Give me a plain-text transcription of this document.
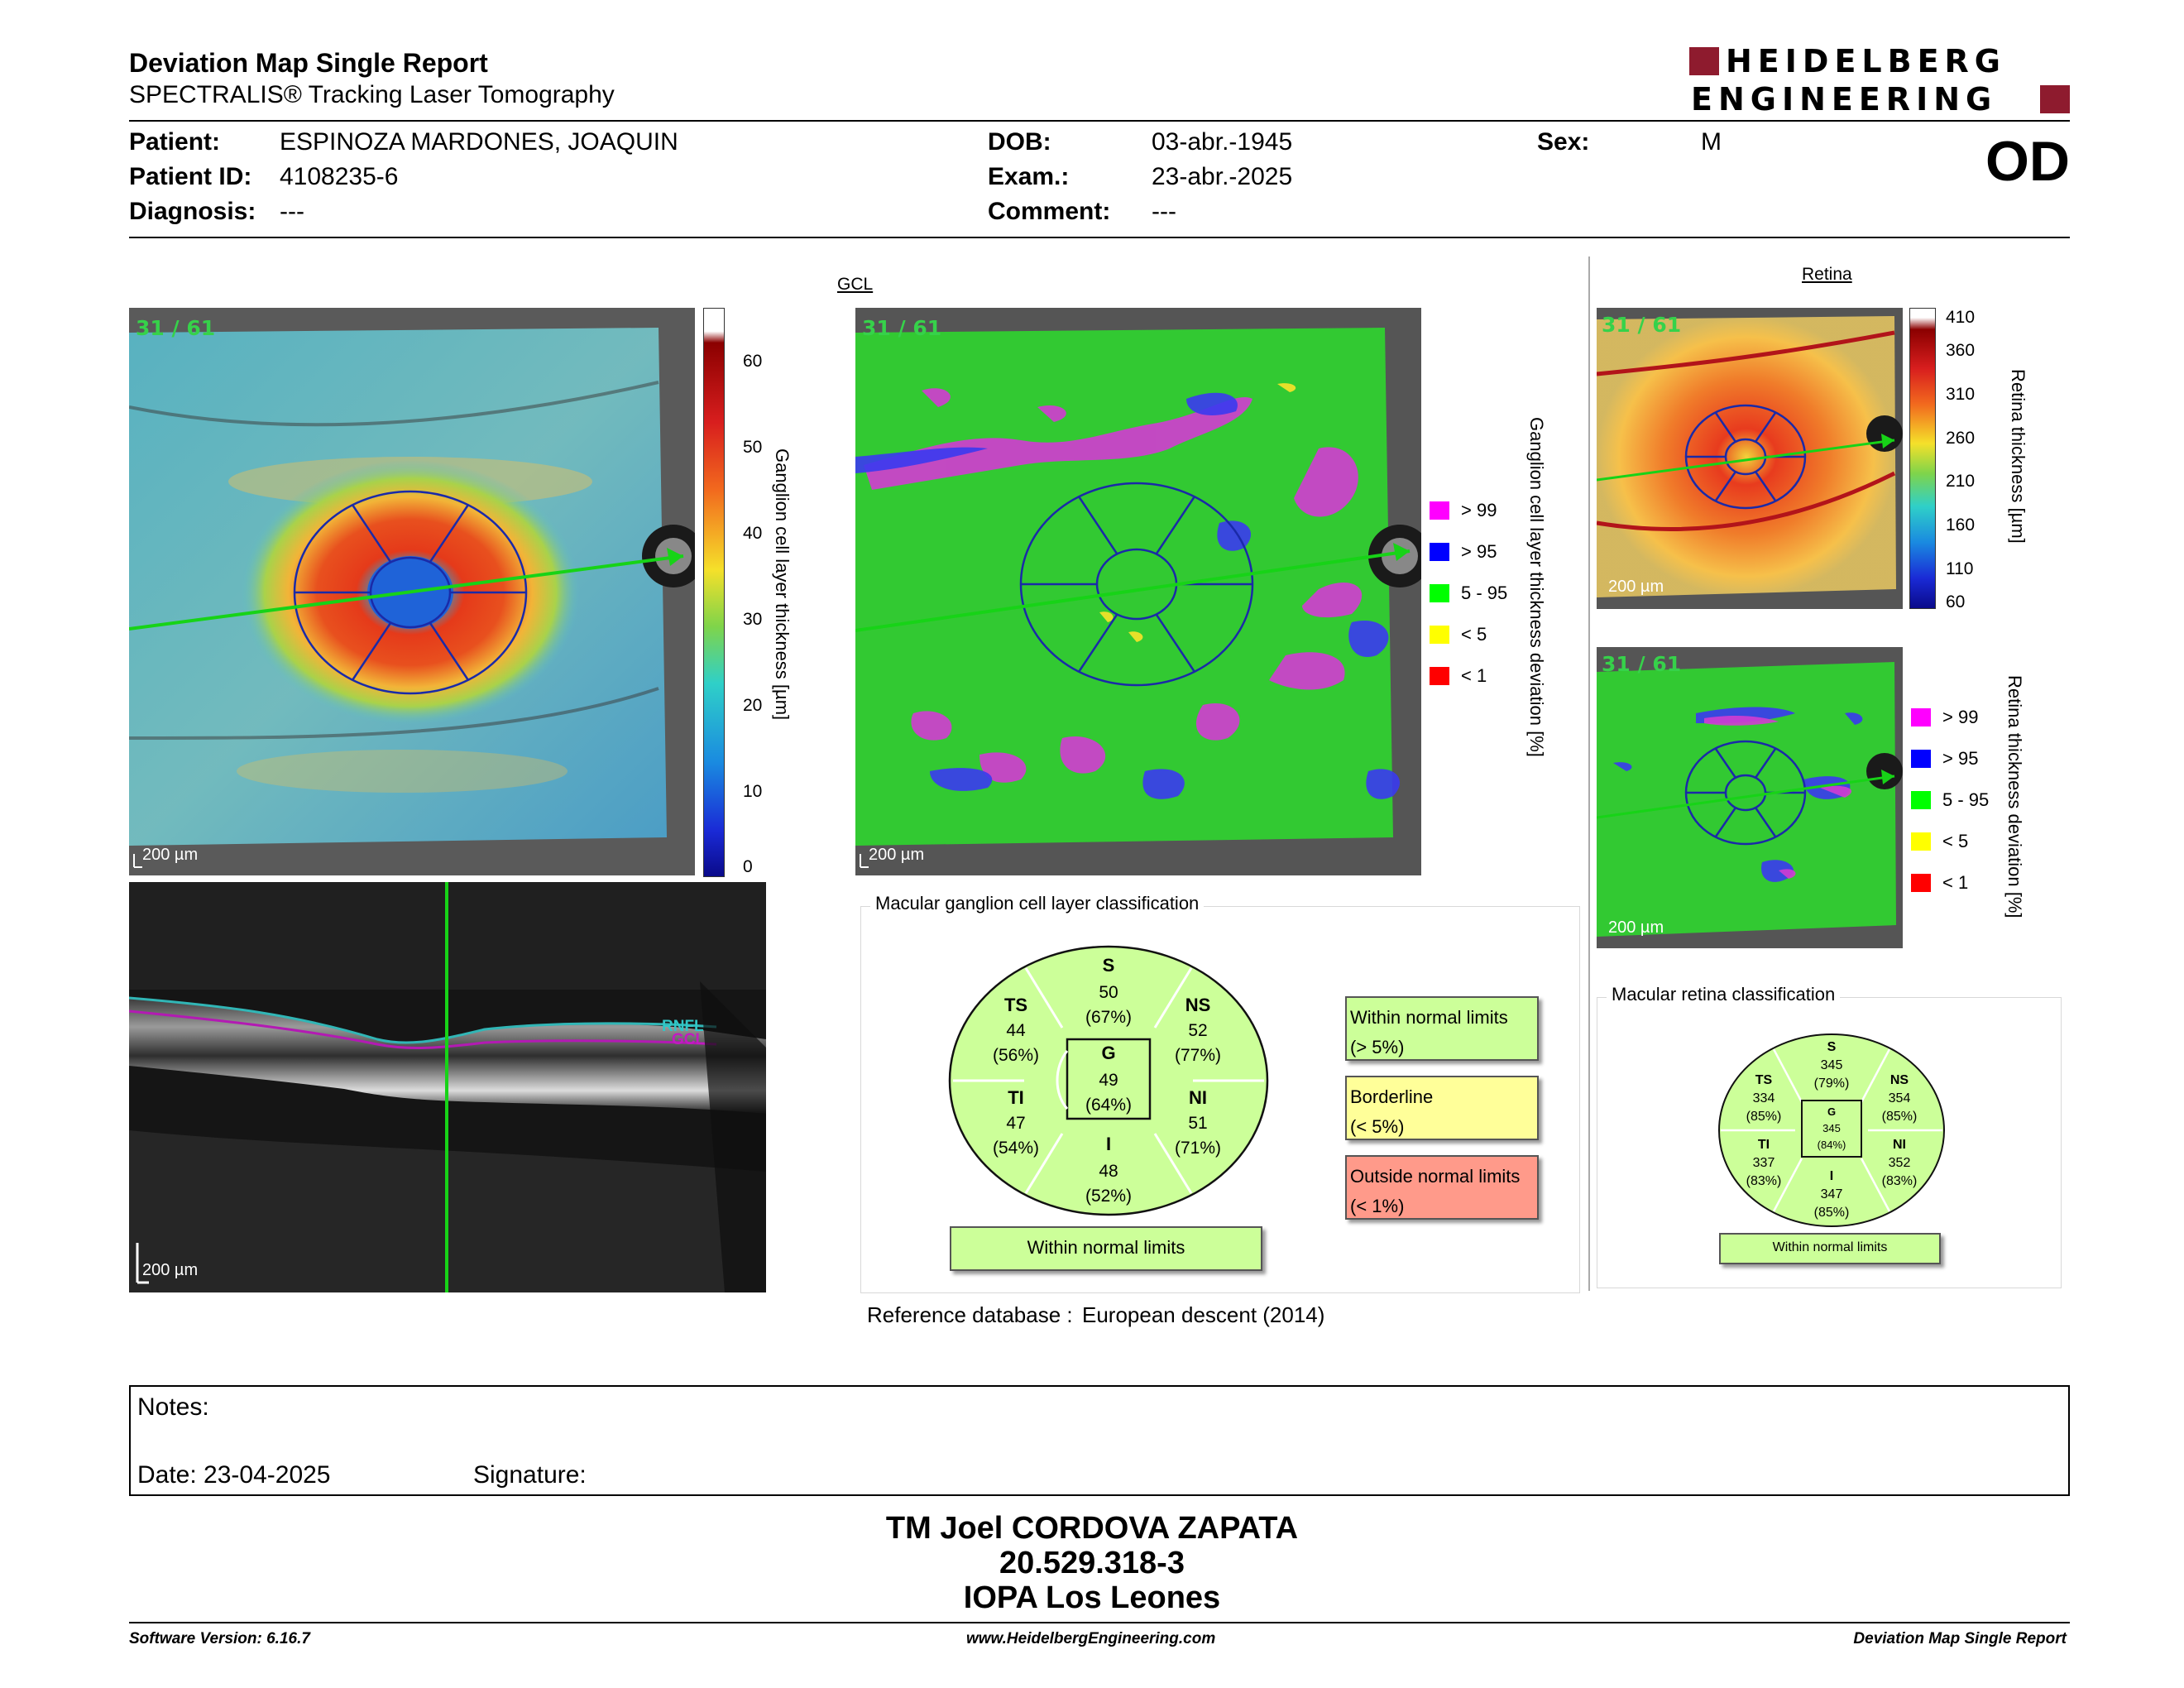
Deviation Map Single Report
SPECTRALIS® Tracking Laser Tomography
HEIDELBERG
ENGINEERING
Patient: ESPINOZA MARDONES, JOAQUIN
Patient ID: 4108235-6
Diagnosis: ---
DOB:	03-abr.-1945
Exam.:	23-abr.-2025
Comment: ---
Sex:	M	OD
31 / 61
200 µm
60
50
40
30
20
10
0
Ganglion cell layer thickness [µm]
RNFL
GCL
200 µm
GCL
31 / 61
200 µm
> 99
> 95
5 - 95
< 5
< 1 Ganglion cell layer thickness deviation [%]
Retina
31 / 61
200 µm
410
360
310
260
210
160
110
60
Retina thickness [µm]
31 / 61
200 µm
> 99
> 95
5 - 95
< 5
< 1 Retina thickness deviation [%]
Macular ganglion cell layer classification
S
50
(67%)
TS
44
(56%)
NS
52
(77%)
G
49
(64%)
TI
47
(54%)
NI
51
(71%)
I
48
(52%)
Within normal limits
Within normal limits
(> 5%)
Borderline
(< 5%)
Outside normal limits
(< 1%)
Reference database : European descent (2014)
Macular retina classification
S
345
(79%)
TS
334
(85%)
NS
354
(85%)
G
345
(84%)
TI
337
(83%)
NI
352
(83%)
I
347
(85%)
Within normal limits
Notes:
Date: 23-04-2025	Signature:
TM Joel CORDOVA ZAPATA
20.529.318-3
IOPA Los Leones
Software Version: 6.16.7	www.HeidelbergEngineering.com	Deviation Map Single Report
